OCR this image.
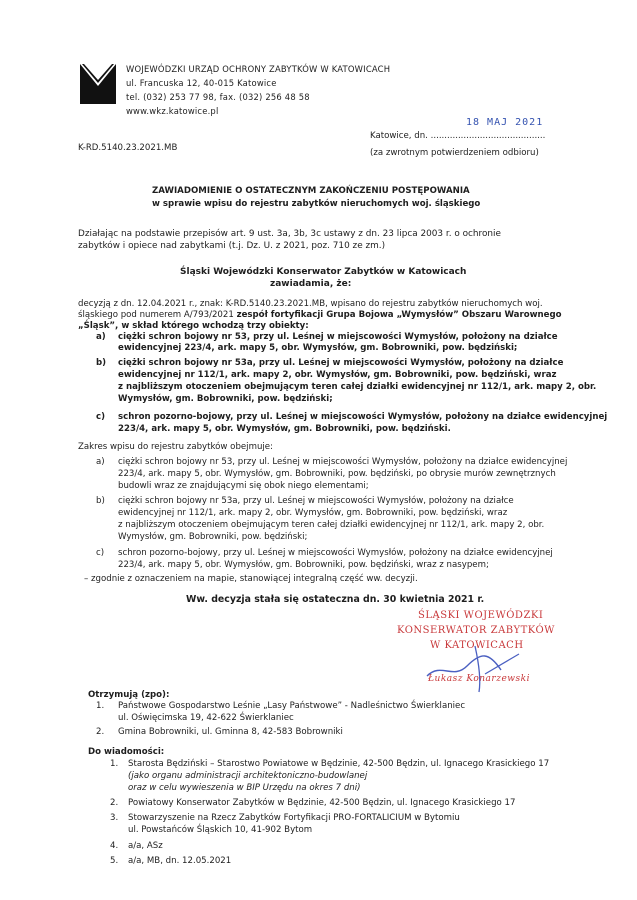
WOJEWÓDZKI URZĄD OCHRONY ZABYTKÓW W KATOWICACH
ul. Francuska 12, 40-015 Katowice
tel. (032) 253 77 98, fax. (032) 256 48 58
www.wkz.katowice.pl
K-RD.5140.23.2021.MB
18 MAJ 2021
Katowice, dn. ..........................................
(za zwrotnym potwierdzeniem odbioru)
ZAWIADOMIENIE O OSTATECZNYM ZAKOŃCZENIU POSTĘPOWANIA
w sprawie wpisu do rejestru zabytków nieruchomych woj. śląskiego
Działając na podstawie przepisów art. 9 ust. 3a, 3b, 3c ustawy z dn. 23 lipca 2003 r. o ochronie
zabytków i opiece nad zabytkami (t.j. Dz. U. z 2021, poz. 710 ze zm.)
Śląski Wojewódzki Konserwator Zabytków w Katowicach
zawiadamia, że:
decyzją z dn. 12.04.2021 r., znak: K-RD.5140.23.2021.MB, wpisano do rejestru zabytków nieruchomych woj.
śląskiego pod numerem A/793/2021 zespół fortyfikacji Grupa Bojowa „Wymysłów” Obszaru Warownego
„Śląsk”, w skład którego wchodzą trzy obiekty:
a) ciężki schron bojowy nr 53, przy ul. Leśnej w miejscowości Wymysłów, położony na działce
ewidencyjnej 223/4, ark. mapy 5, obr. Wymysłów, gm. Bobrowniki, pow. będziński;
b) ciężki schron bojowy nr 53a, przy ul. Leśnej w miejscowości Wymysłów, położony na działce
ewidencyjnej nr 112/1, ark. mapy 2, obr. Wymysłów, gm. Bobrowniki, pow. będziński, wraz
z najbliższym otoczeniem obejmującym teren całej działki ewidencyjnej nr 112/1, ark. mapy 2, obr.
Wymysłów, gm. Bobrowniki, pow. będziński;
c) schron pozorno-bojowy, przy ul. Leśnej w miejscowości Wymysłów, położony na działce ewidencyjnej
223/4, ark. mapy 5, obr. Wymysłów, gm. Bobrowniki, pow. będziński.
Zakres wpisu do rejestru zabytków obejmuje:
a) ciężki schron bojowy nr 53, przy ul. Leśnej w miejscowości Wymysłów, położony na działce ewidencyjnej
223/4, ark. mapy 5, obr. Wymysłów, gm. Bobrowniki, pow. będziński, po obrysie murów zewnętrznych
budowli wraz ze znajdującymi się obok niego elementami;
b) ciężki schron bojowy nr 53a, przy ul. Leśnej w miejscowości Wymysłów, położony na działce
ewidencyjnej nr 112/1, ark. mapy 2, obr. Wymysłów, gm. Bobrowniki, pow. będziński, wraz
z najbliższym otoczeniem obejmującym teren całej działki ewidencyjnej nr 112/1, ark. mapy 2, obr.
Wymysłów, gm. Bobrowniki, pow. będziński;
c) schron pozorno-bojowy, przy ul. Leśnej w miejscowości Wymysłów, położony na działce ewidencyjnej
223/4, ark. mapy 5, obr. Wymysłów, gm. Bobrowniki, pow. będziński, wraz z nasypem;
– zgodnie z oznaczeniem na mapie, stanowiącej integralną część ww. decyzji.
Ww. decyzja stała się ostateczna dn. 30 kwietnia 2021 r.
ŚLĄSKI WOJEWÓDZKI
KONSERWATOR ZABYTKÓW
W KATOWICACH
Łukasz Konarzewski
Otrzymują (zpo):
1. Państwowe Gospodarstwo Leśnie „Lasy Państwowe” - Nadleśnictwo Świerklaniec
ul. Oświęcimska 19, 42-622 Świerklaniec
2. Gmina Bobrowniki, ul. Gminna 8, 42-583 Bobrowniki
Do wiadomości:
1. Starosta Będziński – Starostwo Powiatowe w Będzinie, 42-500 Będzin, ul. Ignacego Krasickiego 17
(jako organu administracji architektoniczno-budowlanej
oraz w celu wywieszenia w BIP Urzędu na okres 7 dni)
2. Powiatowy Konserwator Zabytków w Będzinie, 42-500 Będzin, ul. Ignacego Krasickiego 17
3. Stowarzyszenie na Rzecz Zabytków Fortyfikacji PRO-FORTALICIUM w Bytomiu
ul. Powstańców Śląskich 10, 41-902 Bytom
4. a/a, ASz
5. a/a, MB, dn. 12.05.2021
